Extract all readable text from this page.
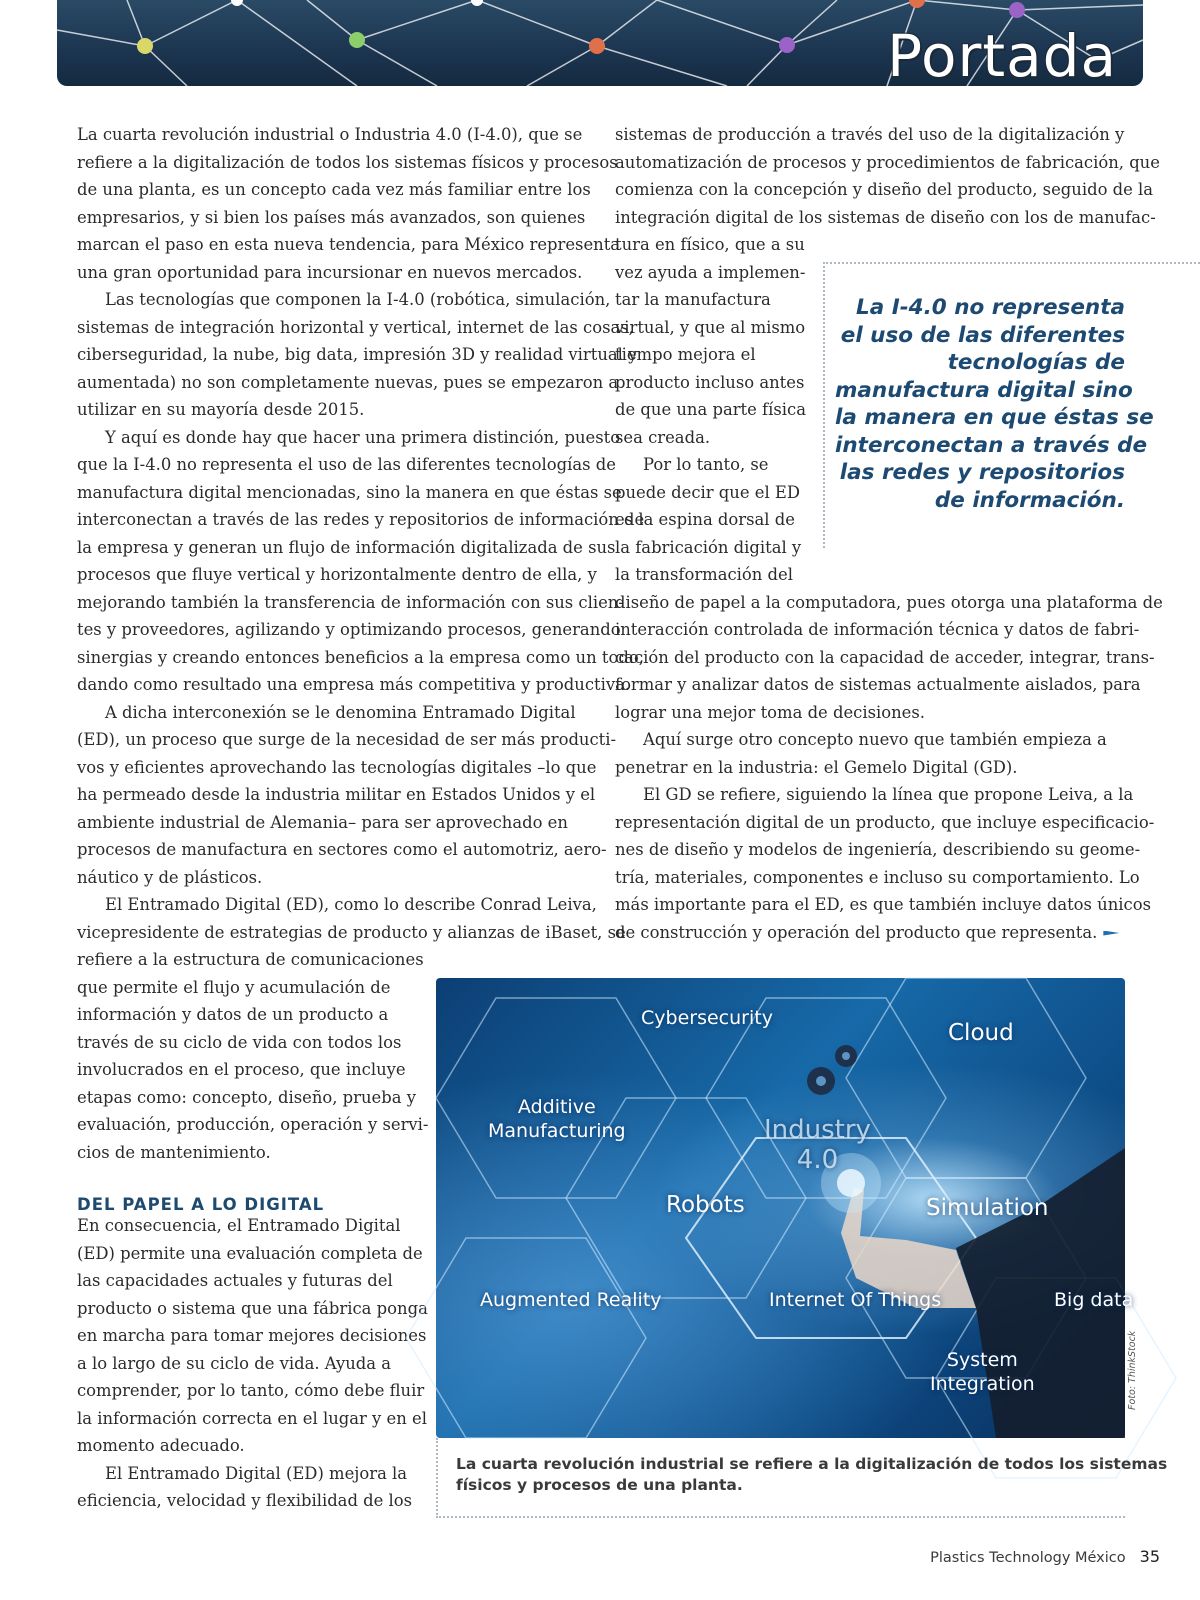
Portada

La cuarta revolución industrial o Industria 4.0 (I-4.0), que se

refiere a la digitalización de todos los sistemas físicos y procesos

de una planta, es un concepto cada vez más familiar entre los

empresarios, y si bien los países más avanzados, son quienes

marcan el paso en esta nueva tendencia, para México representa

una gran oportunidad para incursionar en nuevos mercados.

Las tecnologías que componen la I-4.0 (robótica, simulación,

sistemas de integración horizontal y vertical, internet de las cosas,

ciberseguridad, la nube, big data, impresión 3D y realidad virtual y

aumentada) no son completamente nuevas, pues se empezaron a

utilizar en su mayoría desde 2015.

Y aquí es donde hay que hacer una primera distinción, puesto

que la I-4.0 no representa el uso de las diferentes tecnologías de

manufactura digital mencionadas, sino la manera en que éstas se

interconectan a través de las redes y repositorios de información de

la empresa y generan un flujo de información digitalizada de sus

procesos que fluye vertical y horizontalmente dentro de ella, y

mejorando también la transferencia de información con sus clien-

tes y proveedores, agilizando y optimizando procesos, generando

sinergias y creando entonces beneficios a la empresa como un todo,

dando como resultado una empresa más competitiva y productiva.

A dicha interconexión se le denomina Entramado Digital

(ED), un proceso que surge de la necesidad de ser más producti-

vos y eficientes aprovechando las tecnologías digitales –lo que

ha permeado desde la industria militar en Estados Unidos y el

ambiente industrial de Alemania– para ser aprovechado en

procesos de manufactura en sectores como el automotriz, aero-

náutico y de plásticos.

El Entramado Digital (ED), como lo describe Conrad Leiva,

vicepresidente de estrategias de producto y alianzas de iBaset, se

refiere a la estructura de comunicaciones

que permite el flujo y acumulación de

información y datos de un producto a

través de su ciclo de vida con todos los

involucrados en el proceso, que incluye

etapas como: concepto, diseño, prueba y

evaluación, producción, operación y servi-

cios de mantenimiento.

DEL PAPEL A LO DIGITAL

En consecuencia, el Entramado Digital

(ED) permite una evaluación completa de

las capacidades actuales y futuras del

producto o sistema que una fábrica ponga

en marcha para tomar mejores decisiones

a lo largo de su ciclo de vida. Ayuda a

comprender, por lo tanto, cómo debe fluir

la información correcta en el lugar y en el

momento adecuado.

El Entramado Digital (ED) mejora la

eficiencia, velocidad y flexibilidad de los

sistemas de producción a través del uso de la digitalización y

automatización de procesos y procedimientos de fabricación, que

comienza con la concepción y diseño del producto, seguido de la

integración digital de los sistemas de diseño con los de manufac-

tura en físico, que a su

vez ayuda a implemen-

tar la manufactura

virtual, y que al mismo

tiempo mejora el

producto incluso antes

de que una parte física

sea creada.

Por lo tanto, se

puede decir que el ED

es la espina dorsal de

la fabricación digital y

la transformación del

diseño de papel a la computadora, pues otorga una plataforma de

interacción controlada de información técnica y datos de fabri-

cación del producto con la capacidad de acceder, integrar, trans-

formar y analizar datos de sistemas actualmente aislados, para

lograr una mejor toma de decisiones.

Aquí surge otro concepto nuevo que también empieza a

penetrar en la industria: el Gemelo Digital (GD).

El GD se refiere, siguiendo la línea que propone Leiva, a la

representación digital de un producto, que incluye especificacio-

nes de diseño y modelos de ingeniería, describiendo su geome-

tría, materiales, componentes e incluso su comportamiento. Lo

más importante para el ED, es que también incluye datos únicos

de construcción y operación del producto que representa.

La I-4.0 no representa
el uso de las diferentes
tecnologías de
manufactura digital sino
la manera en que éstas se
interconectan a través de
las redes y repositorios
de información.
Cybersecurity
Cloud
Additive
Manufacturing	Industry
4.0
Robots	Simulation
Augmented Reality	Internet Of Things	Big data
System
Integration	Foto: ThinkStock
La cuarta revolución industrial se refiere a la digitalización de todos los sistemas
físicos y procesos de una planta.
Plastics Technology México 35
